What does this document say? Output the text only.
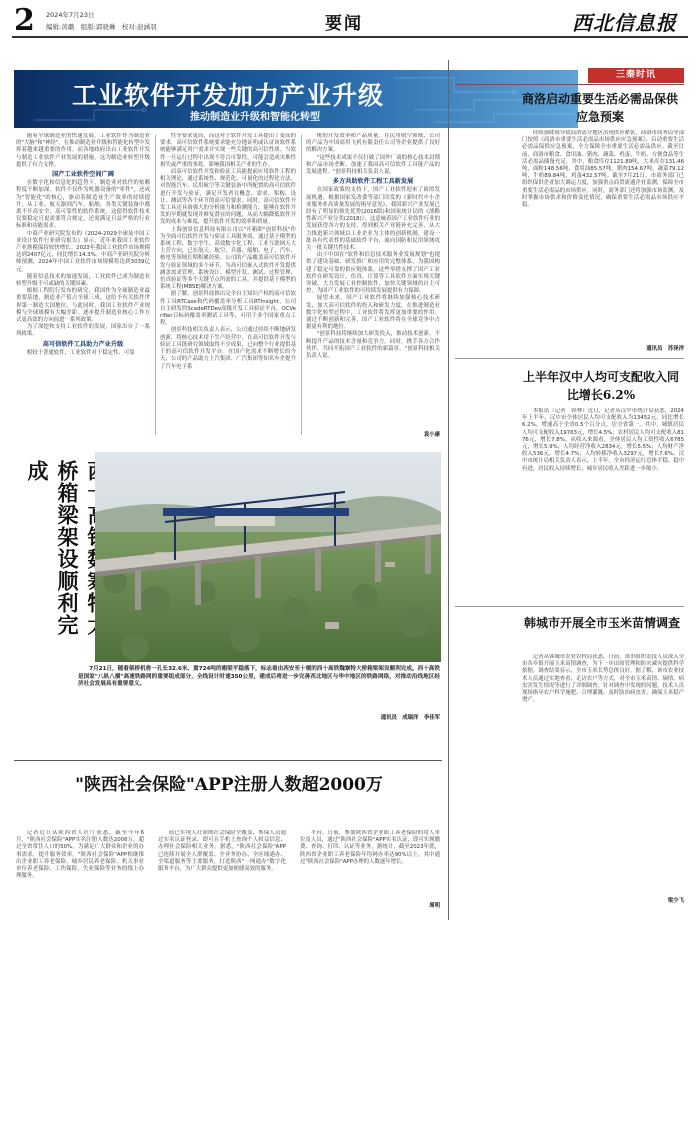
2 2024年7月23日
编辑:黄璐　组版:郭晓琳　校对:赵涵羽	要闻	西北信息报
工业软件开发加力产业升级
推动制造业升级和智能化转型

随着全球制造业的快速发展，工业软件作为制造业的"大脑"和"神经"，在推动制造业升级和智能化转型中发挥着越来越重要的作用。而各地政府出台工业软件开发与制造工业软件产业发展的措施，这为制造业转型升级提供了有力支撑。

国产工业软件空间广阔

在数字化和信息化的趋势下，制造业对软件的依赖程度不断加深。软件不仅作为机器设备的"零件"，还成为"智能化"的核心，驱动着制造业生产效率的持续提升，从工业、航天器到汽车、船舶，各类关键装备中都离不开高安全、高可靠性的软件系统。这使得软件技术仅要稳定且更需要符合规定，还需满足日益严格的行业标准和功能需求。

中商产业研究院发布的《2024-2029全球及中国工业设计软件行业研究报告》显示，近年来我国工业软件产业规模保持较快增长。2023年我国工业软件市场规模达到2407亿元，同比增长14.3%。中商产业研究院分析师预测，2024年中国工业软件市场规模将达到3039亿元。

随着信息技术的加速发展，工业软件已成为制造业转型升级不可或缺的关键因素。

根据工程院行发布的研究，我国作为全球制造业最重要基地，制造业产值占全球三成，这给予有关软件世界第一制造大国地位。与此同时，我国工业软件产业规模与全球规模有大幅差距，逐步提升制造业核心工作方式更高效的方向前进一系列政策。

为了深挖和支持工业软件的发展，国家出台了一系列政策。

高可信软件工具助力产业升级

相较于普通软件，工业软件对于稳定性、可靠

性等要求更高，而这对于软件开发工具提出了更高的要求。高可信软件系统要求能充分地证明或认证该软件系统能够满足用户需求并实现一些关键的高可信性质。当软件一旦运行过程中出现不符合可靠性，可能会造成灾难性损失或严重的事故，影响我国相关产业的生存。

而高可信软件开发和验证工具能提前应用软件工程的相关理论，通过系统性、规范化、可量化的过程化方法，对智能汽车、民用航空等关键装备中所配置的高可信软件进行开发与验证，满足开发者在概念、需求、架构、设计、测试等各个环节的高可信要求。同时，高可信软件开发工具还具备强大的分析能力和检测能力，能够在软件开发的早期就发现并修复潜在的问题，从而大幅降低软件开发的成本与难度，提升软件开发的效率和质量。

上海创景信息科技有限公司以"开箱即"创景科技"作为全面可信软件开发与验证工具服务商，通过基于模型的系统工程、数字孪生、高效数字化工程、工业互联网五大主营方向，已在航天、航空、兵器、船舶、电子、汽车、核电等领域长期积累经验。公司的产品覆盖高可信软件开发与验证领域的多个环节，为高可信嵌入式软件开发提供涵盖需求管理、系统设计、模型开发、测试、过程管理、仿真验证等多个关键节点所需的工具，并提供基于模型的系统工程(MBSE)解决方案。

据了解，创景科技推出完全自主知识产权的高可信软件工具RTCase和代码覆盖率分析工具RTInsight，公司自主研发的ScadeRTDev高级开发工具验证平台，OCVerifier目标码覆盖率测试工具等，可用于多个国家重点工程。

创景科技相关负责人表示，公司通过持续不断地研发创新，将核心技术用于生产经营中，在高可信软件开发与验证工具链研究领域取得不少成果，已向整个行业提供基于的高可信软件开发平台。在国产化需求不断增长的今天，公司的产品助力上汽集团、广汽集团等知名车企提升了汽车电子系

统的开发效率和产品质量。在民用航空领域，公司的产品为中国商用飞机有限责任公司等企业提供了良好的解决方案。

"这些技术成果不仅打破了国外厂商的核心技术封锁和产品市场垄断，加速了我国高可信软件工具链产品的发展进程。"创景科技相关负责人说。

多方共助软件工程工具新发展

在国家政策的支持下，国产工业软件迎来了新的发展机遇。根据国家发改委等部门印发的《新时代中小企业服务业高质量发展的指导意见》，我国新兴产业发展已经有了明显的领先优势(2016版)和国家统计局的《战略性新兴产业分类(2018)》，这意味着国产工业软件行业的发展获得各方的支持，得到相关产业链补充完善，从大力推进新兴领域以工业企业为主体的创新机制，建设一批具有代表性的基础软件平台，面向国防和民用领域攻关一批关键共性技术。

由于中国在"软件和信息技术服务业发展规划"也提供了建设基础、研发推广和应用的完整体系，为我国构建了稳定可靠的供应链体系，这些举措支撑了国产工业软件在研发设计、仿真、计算等工具软件方面实现关键突破，大力发展工业控制软件，加快关键领域的自主可控，为国产工业软件的可持续发展提供有力保障。

展望未来，国产工业软件将继续加强核心技术研发，加大高可信软件的投入和研发力度。在推进制造业数字化转型过程中，工业软件将发挥更加重要的作用。通过不断创新和完善，国产工业软件将在全球竞争中占据更有利的地位。

"创景科技将继续加大研发投入，推动技术创新，不断提升产品的技术含量和竞争力。同时，携手各方合作伙伴，共同开拓国产工业软件的新篇章。"创景科技相关负责人说。

袁小康
桥箱梁架设顺利完成

7月21日，随着架桥机将一孔长32.6米、重724吨的箱梁平稳落下，标志着由西安至十堰的西十高铁魏寨特大桥箱梁架设顺利完成。西十高铁是国家"八纵八横"高速铁路网的重要组成部分，全线设计时速350公里，建成后将进一步完善西北地区与华中地区的铁路网络，对推动沿线地区经济社会发展具有重要意义。

通讯员　成瑞洋　李佳军
"陕西社会保险"APP注册人数超2000万

记者近日从陕西省人社厅获悉，截至今年6月，"陕西社会保险"APP实名注册人数达2006万，超过全省常住人口的50%。为满足广大群众和企业的办事需求，提升服务效率，"陕西社会保险"APP相继推出企业职工养老保险、城乡居民养老保险、机关事业单位养老保险、工伤保险、失业保险等业务的线上办理服务。

前已实现人社领域社会保险全覆盖、参保人员通过实名认证登录，即可在手机上查询个人权益信息、办理社会保险相关业务。据悉，"陕西社会保险"APP已连续开展全人群覆盖、全业务协办、全区域通办、全渠道服务等主要服务，打造陕西"一网通办"数字化服务平台，为广大群众提供更加便捷高效的服务。

平台。日前，参加陕西省企业职工养老保险的用人单位及人员，通过"陕西社会保险"APP实名认证，即可实现缴费、查询、打印、认证等业务，据统计，截至2023年底，陕西省企业职工养老保险年均网办率达90%以上，其中通过"陕西社会保险"APP办理的人数逐年增长。

周明
三秦时讯
商洛启动重要生活必需品保供应急预案

持续强降雨导致商洛部分地区出现供应紧张，商洛市商务局等部门按照《商洛市重要生活必需品市场供应应急预案》，启动重要生活必需品保供应急预案，全力保障全市重要生活必需品供应。截至目前，商洛市粮食、食用油、猪肉、蔬菜、鸡蛋、牛奶、方便食品等生活必需品储备充足，其中，粮食库存1121.89吨，大米库存131.46吨，面粉148.56吨，食用油85.57吨，猪肉154.67吨，蔬菜79.12吨，牛奶89.84吨，鸡蛋432.57吨。截至7月21日，市商务部门已组织保供企业加大调运力度，加强重点商贸流通企业监测，保障全市重要生活必需品的市场供应。同时，商务部门还将加强市场监测，及时掌握市场供求和价格变化情况，确保重要生活必需品市场供应平稳。

通讯员　苏泽洋
上半年汉中人均可支配收入同比增长6.2%

本报讯（记者　韩林）近日，记者从汉中市统计局获悉，2024年上半年，汉中市全体居民人均可支配收入为13452元，同比增长6.2%，增速高于全省0.5个百分点，居全省第一。其中，城镇居民人均可支配收入19763元，增长4.5%；农村居民人均可支配收入8176元，增长7.8%。从收入来源看，全体居民人均工资性收入6785元，增长5.9%；人均经营净收入2834元，增长5.5%；人均财产净收入536元，增长4.7%；人均转移净收入3297元，增长7.6%。汉中市统计局相关负责人表示，上半年，全市经济运行总体平稳、稳中有进，居民收入持续增长，城乡居民收入差距进一步缩小。

韩城市开展全市玉米苗情调查

记者从韩城市农业农村局获悉，日前，该市组织农技人员深入全市各乡镇开展玉米苗情调查，为下一步田间管理和防灾减灾提供科学依据。调查结果显示，全市玉米长势总体良好。据了解，该市农业技术人员通过实地查看、走访农户等方式，对全市玉米苗情、墒情、病虫害发生情况等进行了详细调查。针对调查中发现的问题，技术人员现场指导农户科学施肥、合理灌溉、及时防治病虫害，确保玉米稳产增产。

梁少飞
